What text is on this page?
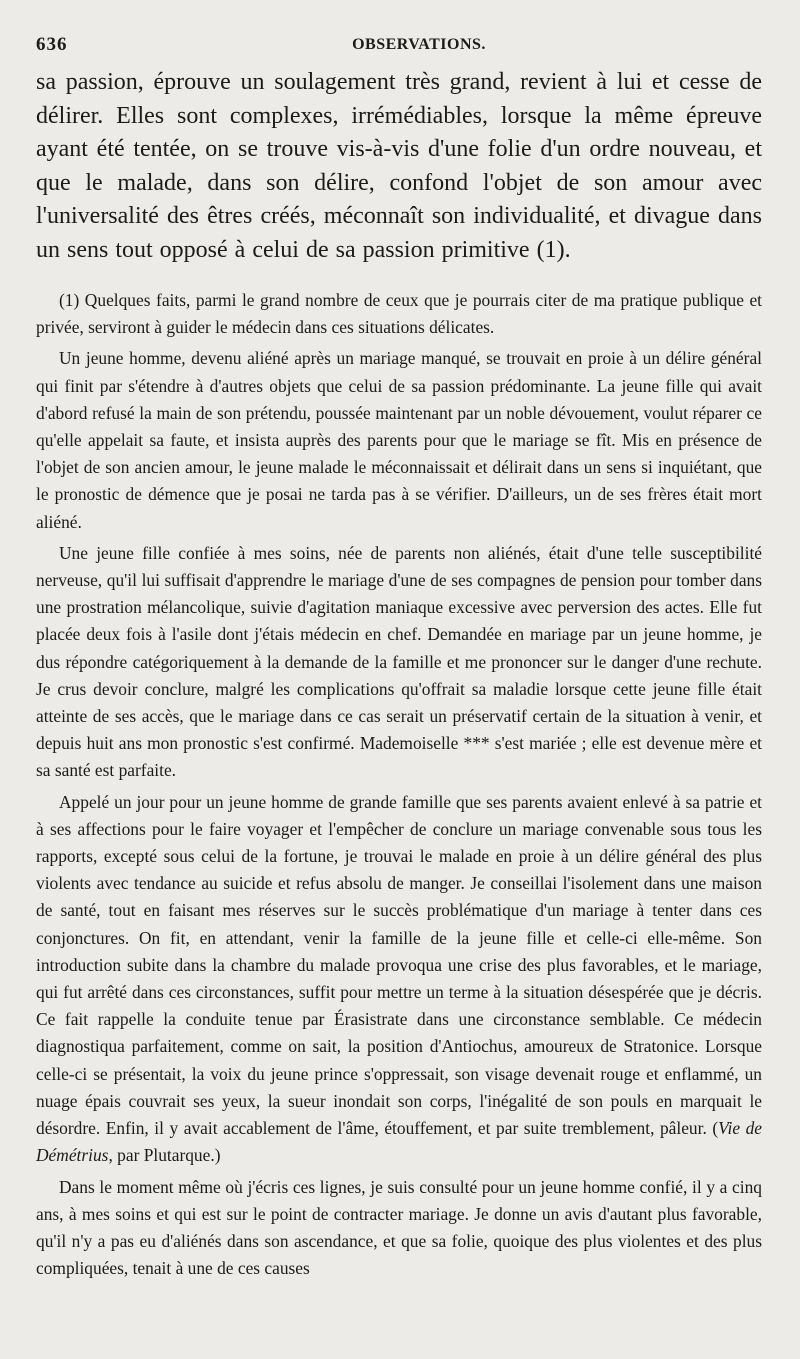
636	OBSERVATIONS.

sa passion, éprouve un soulagement très grand, revient à lui et cesse de délirer. Elles sont complexes, irrémédiables, lorsque la même épreuve ayant été tentée, on se trouve vis-à-vis d'une folie d'un ordre nouveau, et que le malade, dans son délire, confond l'objet de son amour avec l'universalité des êtres créés, méconnaît son individualité, et divague dans un sens tout opposé à celui de sa passion primitive (1).

(1) Quelques faits, parmi le grand nombre de ceux que je pourrais citer de ma pratique publique et privée, serviront à guider le médecin dans ces situations délicates.

Un jeune homme, devenu aliéné après un mariage manqué, se trouvait en proie à un délire général qui finit par s'étendre à d'autres objets que celui de sa passion prédominante. La jeune fille qui avait d'abord refusé la main de son prétendu, poussée maintenant par un noble dévouement, voulut réparer ce qu'elle appelait sa faute, et insista auprès des parents pour que le mariage se fît. Mis en présence de l'objet de son ancien amour, le jeune malade le méconnaissait et délirait dans un sens si inquiétant, que le pronostic de démence que je posai ne tarda pas à se vérifier. D'ailleurs, un de ses frères était mort aliéné.

Une jeune fille confiée à mes soins, née de parents non aliénés, était d'une telle susceptibilité nerveuse, qu'il lui suffisait d'apprendre le mariage d'une de ses compagnes de pension pour tomber dans une prostration mélancolique, suivie d'agitation maniaque excessive avec perversion des actes. Elle fut placée deux fois à l'asile dont j'étais médecin en chef. Demandée en mariage par un jeune homme, je dus répondre catégoriquement à la demande de la famille et me prononcer sur le danger d'une rechute. Je crus devoir conclure, malgré les complications qu'offrait sa maladie lorsque cette jeune fille était atteinte de ses accès, que le mariage dans ce cas serait un préservatif certain de la situation à venir, et depuis huit ans mon pronostic s'est confirmé. Mademoiselle *** s'est mariée ; elle est devenue mère et sa santé est parfaite.

Appelé un jour pour un jeune homme de grande famille que ses parents avaient enlevé à sa patrie et à ses affections pour le faire voyager et l'empêcher de conclure un mariage convenable sous tous les rapports, excepté sous celui de la fortune, je trouvai le malade en proie à un délire général des plus violents avec tendance au suicide et refus absolu de manger. Je conseillai l'isolement dans une maison de santé, tout en faisant mes réserves sur le succès problématique d'un mariage à tenter dans ces conjonctures. On fit, en attendant, venir la famille de la jeune fille et celle-ci elle-même. Son introduction subite dans la chambre du malade provoqua une crise des plus favorables, et le mariage, qui fut arrêté dans ces circonstances, suffit pour mettre un terme à la situation désespérée que je décris. Ce fait rappelle la conduite tenue par Érasistrate dans une circonstance semblable. Ce médecin diagnostiqua parfaitement, comme on sait, la position d'Antiochus, amoureux de Stratonice. Lorsque celle-ci se présentait, la voix du jeune prince s'oppressait, son visage devenait rouge et enflammé, un nuage épais couvrait ses yeux, la sueur inondait son corps, l'inégalité de son pouls en marquait le désordre. Enfin, il y avait accablement de l'âme, étouffement, et par suite tremblement, pâleur. (Vie de Démétrius, par Plutarque.)

Dans le moment même où j'écris ces lignes, je suis consulté pour un jeune homme confié, il y a cinq ans, à mes soins et qui est sur le point de contracter mariage. Je donne un avis d'autant plus favorable, qu'il n'y a pas eu d'aliénés dans son ascendance, et que sa folie, quoique des plus violentes et des plus compliquées, tenait à une de ces causes
